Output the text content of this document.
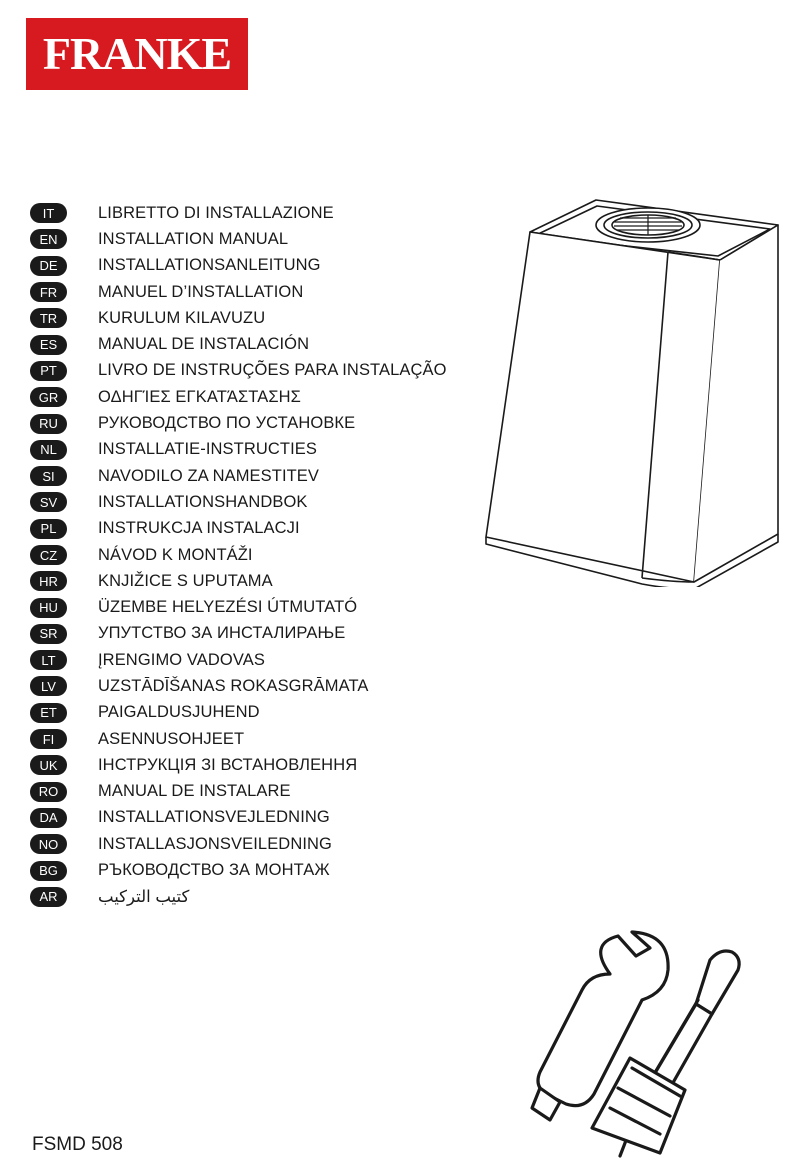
FRANKE
IT	LIBRETTO DI INSTALLAZIONE
EN	INSTALLATION MANUAL
DE	INSTALLATIONSANLEITUNG
FR	MANUEL D’INSTALLATION
TR	KURULUM KILAVUZU
ES	MANUAL DE INSTALACIÓN
PT	LIVRO DE INSTRUÇÕES PARA INSTALAÇÃO
GR	ΟΔΗΓΊΕΣ ΕΓΚΑΤΆΣΤΑΣΗΣ
RU	РУКОВОДСТВО ПО УСТАНОВКЕ
NL	INSTALLATIE-INSTRUCTIES
SI	NAVODILO ZA NAMESTITEV
SV	INSTALLATIONSHANDBOK
PL	INSTRUKCJA INSTALACJI
CZ	NÁVOD K MONTÁŽI
HR	KNJIŽICE S UPUTAMA
HU	ÜZEMBE HELYEZÉSI ÚTMUTATÓ
SR	УПУТСТВО ЗА ИНСТАЛИРАЊЕ
LT	ĮRENGIMO VADOVAS
LV	UZSTĀDĪŠANAS ROKASGRĀMATA
ET	PAIGALDUSJUHEND
FI	ASENNUSOHJEET
UK	ІНСТРУКЦІЯ ЗІ ВСТАНОВЛЕННЯ
RO	MANUAL DE INSTALARE
DA	INSTALLATIONSVEJLEDNING
NO	INSTALLASJONSVEILEDNING
BG	РЪКОВОДСТВО ЗА МОНТАЖ
AR	كتيب التركيب
FSMD 508
